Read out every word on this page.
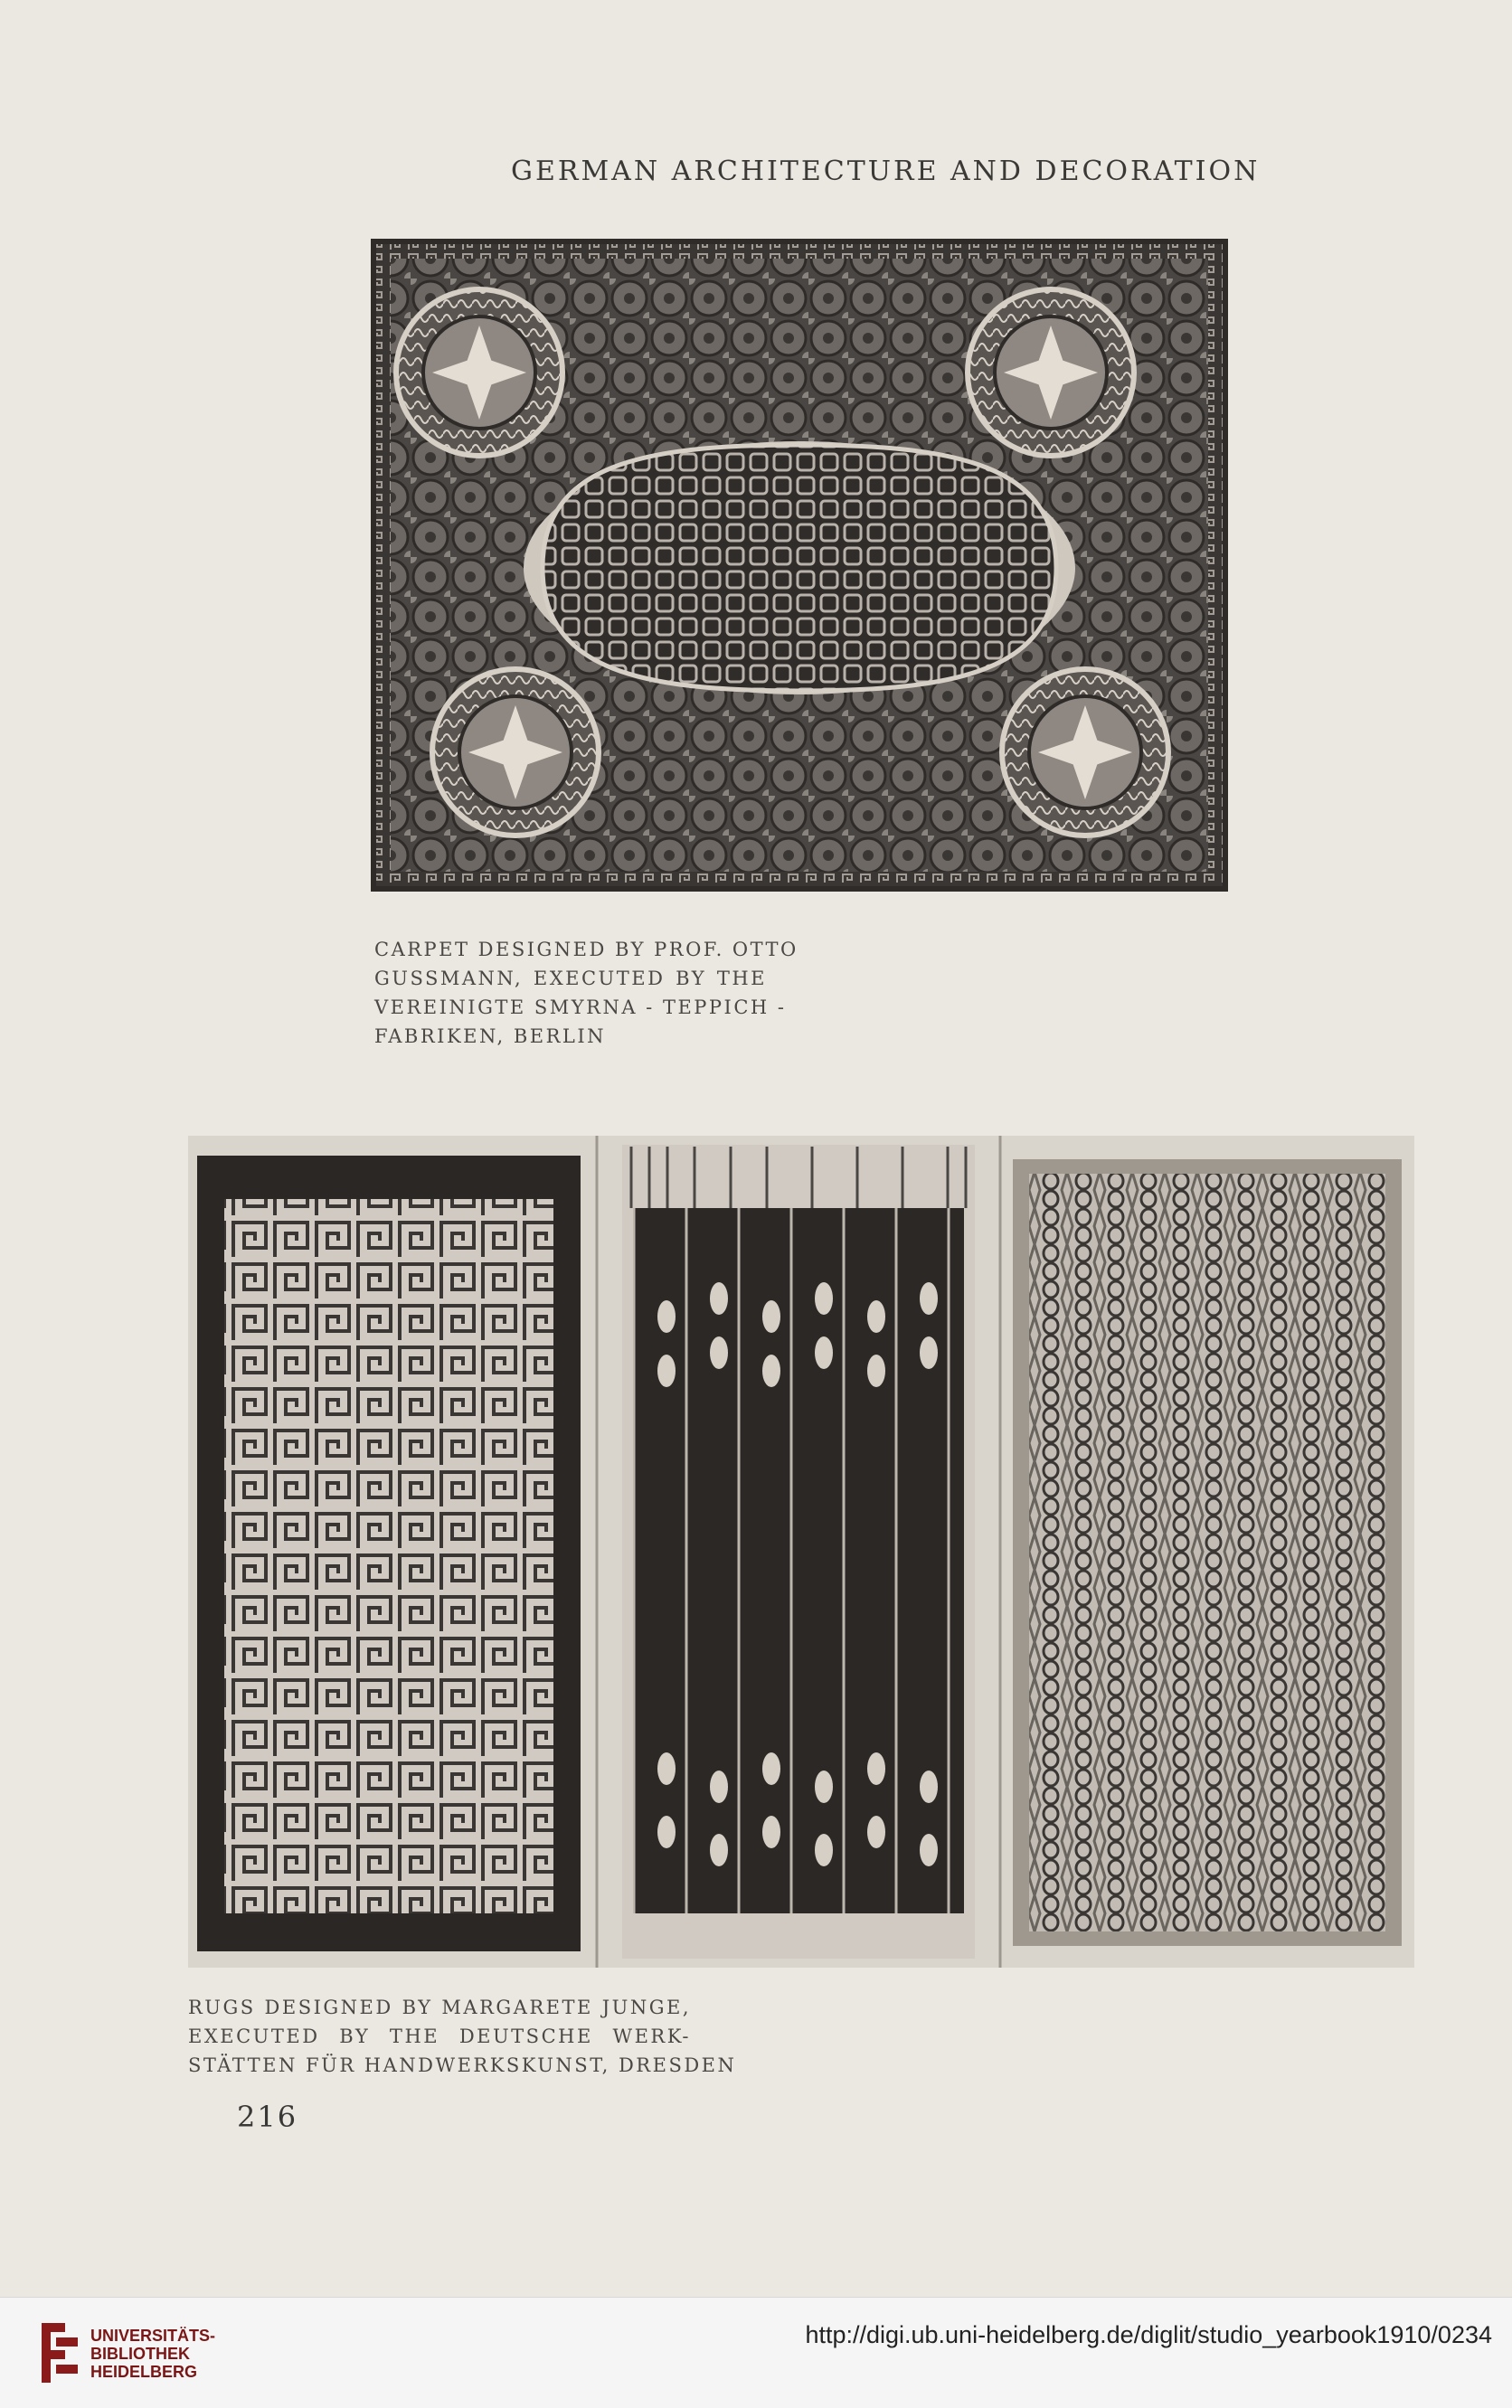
GERMAN ARCHITECTURE AND DECORATION
CARPET DESIGNED BY PROF. OTTO
GUSSMANN, EXECUTED BY THE
VEREINIGTE SMYRNA - TEPPICH -
FABRIKEN, BERLIN
RUGS DESIGNED BY MARGARETE JUNGE,
EXECUTED BY THE DEUTSCHE WERK-
STÄTTEN FÜR HANDWERKSKUNST, DRESDEN
216
UNIVERSITÄTS-
BIBLIOTHEK
HEIDELBERG
http://digi.ub.uni-heidelberg.de/diglit/studio_yearbook1910/0234
